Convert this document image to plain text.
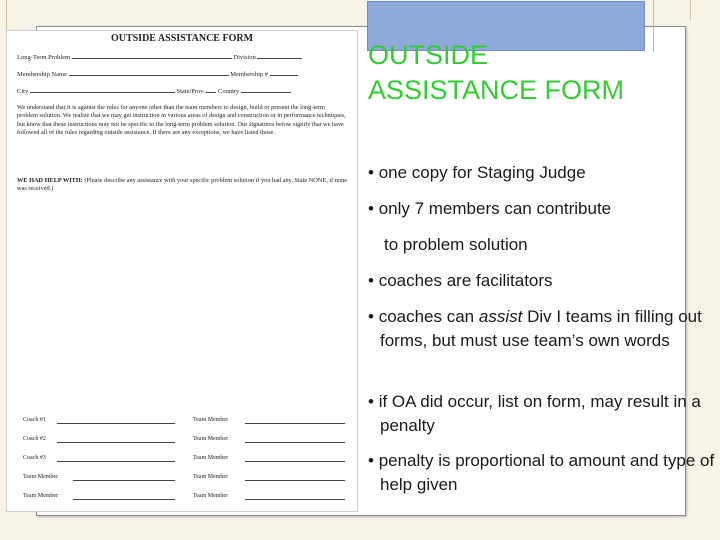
OUTSIDE ASSISTANCE FORM
Long-Term Problem	Division
Membership Name	Membership #
City	State/Prov. Country
We understand that it is against the rules for anyone other than the team members to design, build or present the long-term problem solution. We realize that we may get instruction in various areas of design and construction or in performance techniques, but know that these instructions may not be specific to the long-term problem solution. Our signatures below signify that we have followed all of the rules regarding outside assistance. If there are any exceptions, we have listed those.
WE HAD HELP WITH: (Please describe any assistance with your specific problem solution if you had any. State NONE, if none was received.)
Coach #1	Team Member
Coach #2	Team Member
Coach #3	Team Member
Team Member	Team Member
Team Member	Team Member
OUTSIDE ASSISTANCE FORM
• one copy for Staging Judge
• only 7 members can contribute
to problem solution
• coaches are facilitators
• coaches can assist Div I teams in filling out forms, but must use team’s own words
• if OA did occur, list on form, may result in a penalty
• penalty is proportional to amount and type of help given
